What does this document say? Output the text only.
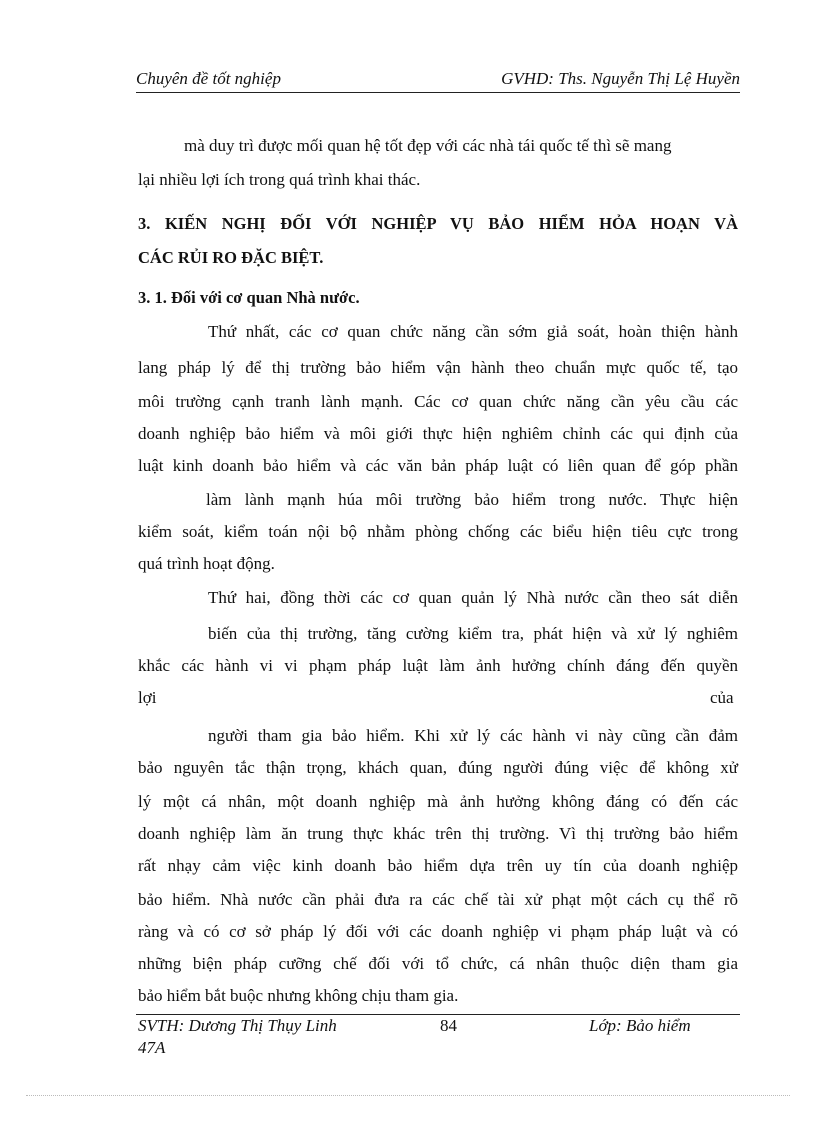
Chuyên đề tốt nghiệp	GVHD: Ths. Nguyễn Thị Lệ Huyền
mà duy trì được mối quan hệ tốt đẹp với các nhà tái quốc tế thì sẽ mang
lại nhiều lợi ích trong quá trình khai thác.
3. KIẾN NGHỊ ĐỐI VỚI NGHIỆP VỤ BẢO HIỂM HỎA HOẠN VÀ
CÁC RỦI RO ĐẶC BIỆT.
3. 1. Đối với cơ quan Nhà nước.
Thứ nhất, các cơ quan chức năng cần sớm giả soát, hoàn thiện hành
lang pháp lý để thị trường bảo hiểm vận hành theo chuẩn mực quốc tế, tạo
môi trường cạnh tranh lành mạnh. Các cơ quan chức năng cần yêu cầu các
doanh nghiệp bảo hiểm và môi giới thực hiện nghiêm chỉnh các qui định của
luật kinh doanh bảo hiểm và các văn bản pháp luật có liên quan để góp phần
làm lành mạnh húa môi trường bảo hiểm trong nước. Thực hiện
kiểm soát, kiểm toán nội bộ nhằm phòng chống các biểu hiện tiêu cực trong
quá trình hoạt động.
Thứ hai, đồng thời các cơ quan quản lý Nhà nước cần theo sát diễn
biến của thị trường, tăng cường kiểm tra, phát hiện và xử lý nghiêm
khắc các hành vi vi phạm pháp luật làm ảnh hưởng chính đáng đến quyền
lợi	của
người tham gia bảo hiểm. Khi xử lý các hành vi này cũng cần đảm
bảo nguyên tắc thận trọng, khách quan, đúng người đúng việc để không xử
lý một cá nhân, một doanh nghiệp mà ảnh hưởng không đáng có đến các
doanh nghiệp làm ăn trung thực khác trên thị trường. Vì thị trường bảo hiểm
rất nhạy cảm việc kinh doanh bảo hiểm dựa trên uy tín của doanh nghiệp
bảo hiểm. Nhà nước cần phải đưa ra các chế tài xử phạt một cách cụ thể rõ
ràng và có cơ sở pháp lý đối với các doanh nghiệp vi phạm pháp luật và có
những biện pháp cưỡng chế đối với tổ chức, cá nhân thuộc diện tham gia
bảo hiểm bắt buộc nhưng không chịu tham gia.
SVTH: Dương Thị Thụy Linh
47A
84	Lớp: Bảo hiểm
